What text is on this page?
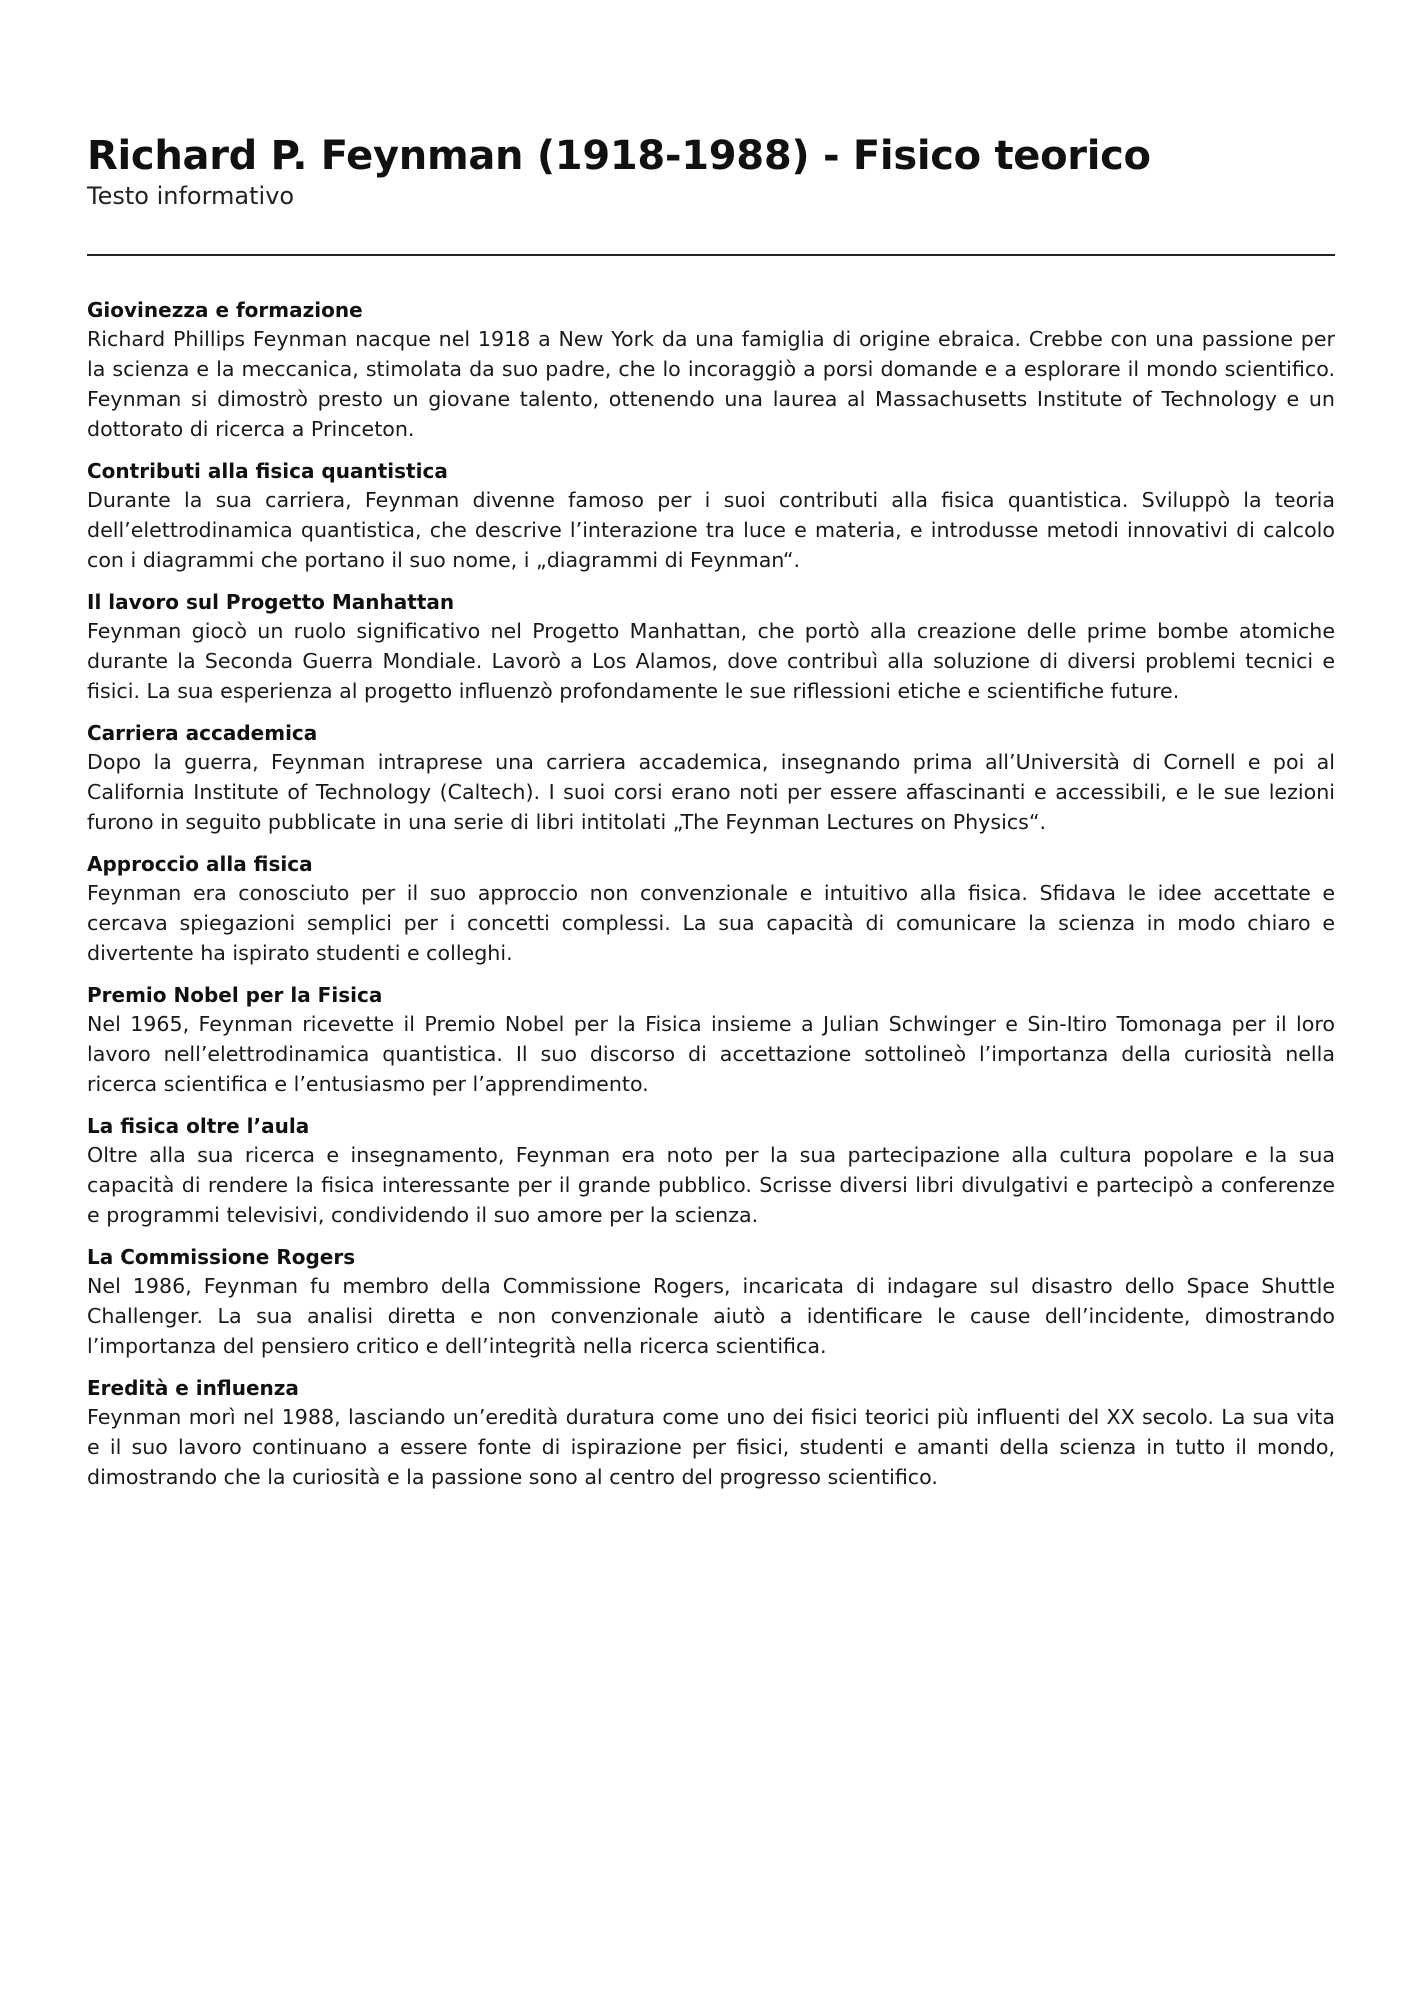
Richard P. Feynman (1918-1988) - Fisico teorico
Testo informativo
Giovinezza e formazione

Richard Phillips Feynman nacque nel 1918 a New York da una famiglia di origine ebraica. Crebbe con una passione per la scienza e la meccanica, stimolata da suo padre, che lo incoraggiò a porsi domande e a esplorare il mondo scientifico. Feynman si dimostrò presto un giovane talento, ottenendo una laurea al Massachusetts Institute of Technology e un dottorato di ricerca a Princeton.

Contributi alla fisica quantistica

Durante la sua carriera, Feynman divenne famoso per i suoi contributi alla fisica quantistica. Sviluppò la teoria dell’elettrodinamica quantistica, che descrive l’interazione tra luce e materia, e introdusse metodi innovativi di calcolo con i diagrammi che portano il suo nome, i „diagrammi di Feynman“.

Il lavoro sul Progetto Manhattan

Feynman giocò un ruolo significativo nel Progetto Manhattan, che portò alla creazione delle prime bombe atomiche durante la Seconda Guerra Mondiale. Lavorò a Los Alamos, dove contribuì alla soluzione di diversi problemi tecnici e fisici. La sua esperienza al progetto influenzò profondamente le sue riflessioni etiche e scientifiche future.

Carriera accademica

Dopo la guerra, Feynman intraprese una carriera accademica, insegnando prima all’Università di Cornell e poi al California Institute of Technology (Caltech). I suoi corsi erano noti per essere affascinanti e accessibili, e le sue lezioni furono in seguito pubblicate in una serie di libri intitolati „The Feynman Lectures on Physics“.

Approccio alla fisica

Feynman era conosciuto per il suo approccio non convenzionale e intuitivo alla fisica. Sfidava le idee accettate e cercava spiegazioni semplici per i concetti complessi. La sua capacità di comunicare la scienza in modo chiaro e divertente ha ispirato studenti e colleghi.

Premio Nobel per la Fisica

Nel 1965, Feynman ricevette il Premio Nobel per la Fisica insieme a Julian Schwinger e Sin-Itiro Tomonaga per il loro lavoro nell’elettrodinamica quantistica. Il suo discorso di accettazione sottolineò l’importanza della curiosità nella ricerca scientifica e l’entusiasmo per l’apprendimento.

La fisica oltre l’aula

Oltre alla sua ricerca e insegnamento, Feynman era noto per la sua partecipazione alla cultura popolare e la sua capacità di rendere la fisica interessante per il grande pubblico. Scrisse diversi libri divulgativi e partecipò a conferenze e programmi televisivi, condividendo il suo amore per la scienza.

La Commissione Rogers

Nel 1986, Feynman fu membro della Commissione Rogers, incaricata di indagare sul disastro dello Space Shuttle Challenger. La sua analisi diretta e non convenzionale aiutò a identificare le cause dell’incidente, dimostrando l’importanza del pensiero critico e dell’integrità nella ricerca scientifica.

Eredità e influenza

Feynman morì nel 1988, lasciando un’eredità duratura come uno dei fisici teorici più influenti del XX secolo. La sua vita e il suo lavoro continuano a essere fonte di ispirazione per fisici, studenti e amanti della scienza in tutto il mondo, dimostrando che la curiosità e la passione sono al centro del progresso scientifico.
